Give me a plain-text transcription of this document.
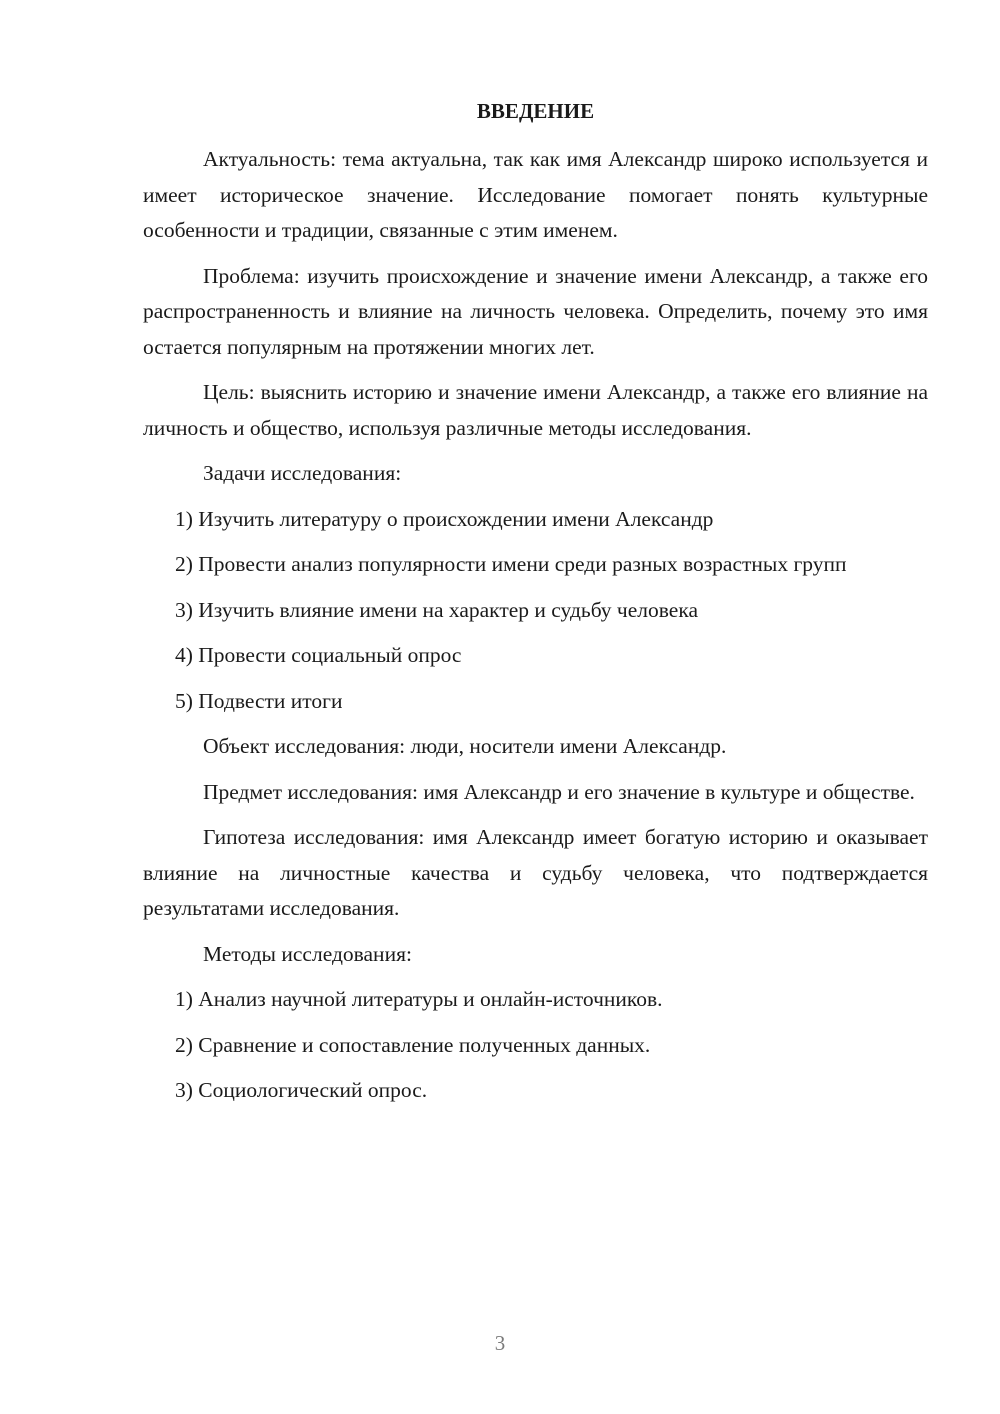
ВВЕДЕНИЕ

Актуальность: тема актуальна, так как имя Александр широко используется и имеет историческое значение. Исследование помогает понять культурные особенности и традиции, связанные с этим именем.

Проблема: изучить происхождение и значение имени Александр, а также его распространенность и влияние на личность человека. Определить, почему это имя остается популярным на протяжении многих лет.

Цель: выяснить историю и значение имени Александр, а также его влияние на личность и общество, используя различные методы исследования.

Задачи исследования:

1) Изучить литературу о происхождении имени Александр

2) Провести анализ популярности имени среди разных возрастных групп

3) Изучить влияние имени на характер и судьбу человека

4) Провести социальный опрос

5) Подвести итоги

Объект исследования: люди, носители имени Александр.

Предмет исследования: имя Александр и его значение в культуре и обществе.

Гипотеза исследования: имя Александр имеет богатую историю и оказывает влияние на личностные качества и судьбу человека, что подтверждается результатами исследования.

Методы исследования:

1) Анализ научной литературы и онлайн-источников.

2) Сравнение и сопоставление полученных данных.

3) Социологический опрос.

3
